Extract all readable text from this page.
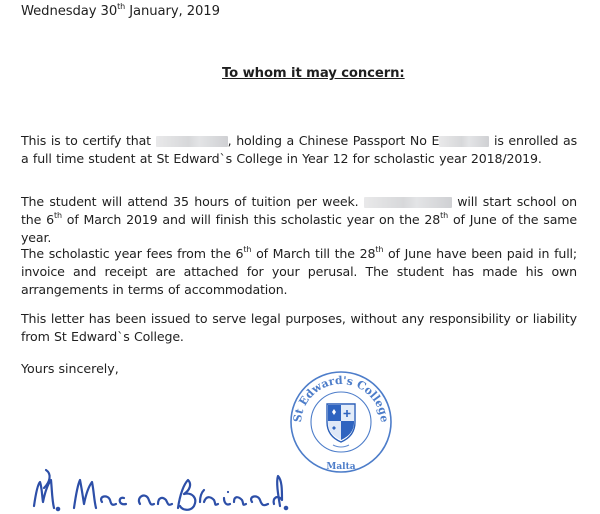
Wednesday 30th January, 2019
To whom it may concern:
This is to certify that	, holding a Chinese Passport No E	is enrolled as a full time student at St Edward`s College in Year 12 for scholastic year 2018/2019.
The student will attend 35 hours of tuition per week.	will start school on the 6th of March 2019 and will finish this scholastic year on the 28th of June of the same year.
The scholastic year fees from the 6th of March till the 28th of June have been paid in full; invoice and receipt are attached for your perusal. The student has made his own arrangements in terms of accommodation.
This letter has been issued to serve legal purposes, without any responsibility or liability from St Edward`s College.
Yours sincerely,
St Edward's College
Malta
